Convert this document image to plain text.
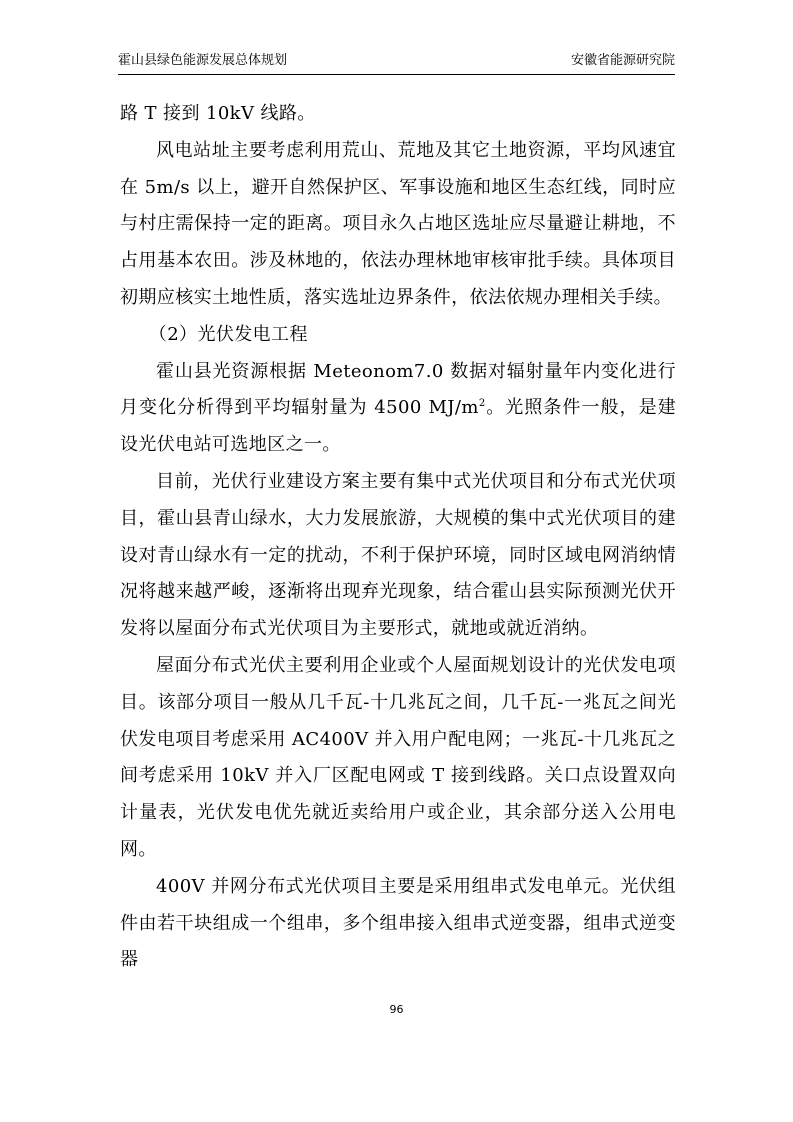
霍山县绿色能源发展总体规划	安徽省能源研究院

路 T 接到 10kV 线路。

风电站址主要考虑利用荒山、荒地及其它土地资源，平均风速宜在 5m/s 以上，避开自然保护区、军事设施和地区生态红线，同时应与村庄需保持一定的距离。项目永久占地区选址应尽量避让耕地，不占用基本农田。涉及林地的，依法办理林地审核审批手续。具体项目初期应核实土地性质，落实选址边界条件，依法依规办理相关手续。

（2）光伏发电工程

霍山县光资源根据 Meteonom7.0 数据对辐射量年内变化进行月变化分析得到平均辐射量为 4500 $MJ/m^2$。光照条件一般，是建设光伏电站可选地区之一。

目前，光伏行业建设方案主要有集中式光伏项目和分布式光伏项目，霍山县青山绿水，大力发展旅游，大规模的集中式光伏项目的建设对青山绿水有一定的扰动，不利于保护环境，同时区域电网消纳情况将越来越严峻，逐渐将出现弃光现象，结合霍山县实际预测光伏开发将以屋面分布式光伏项目为主要形式，就地或就近消纳。

屋面分布式光伏主要利用企业或个人屋面规划设计的光伏发电项目。该部分项目一般从几千瓦-十几兆瓦之间，几千瓦-一兆瓦之间光伏发电项目考虑采用 AC400V 并入用户配电网；一兆瓦-十几兆瓦之间考虑采用 10kV 并入厂区配电网或 T 接到线路。关口点设置双向计量表，光伏发电优先就近卖给用户或企业，其余部分送入公用电网。

400V 并网分布式光伏项目主要是采用组串式发电单元。光伏组件由若干块组成一个组串，多个组串接入组串式逆变器，组串式逆变器

96
